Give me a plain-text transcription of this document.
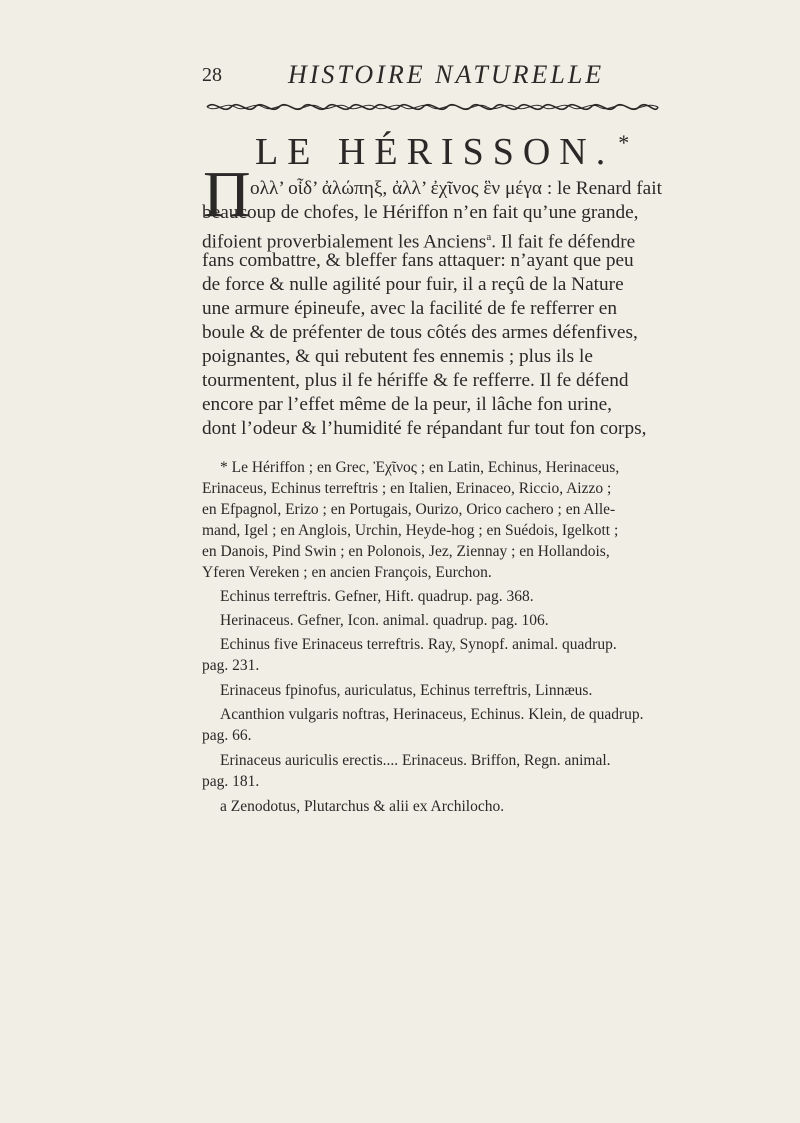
28	HISTOIRE NATURELLE
LE HÉRISSON. *
Π ολλ’ οἶδ’ ἀλώπηξ, ἀλλ’ ἐχῖνος ἓν μέγα : le Renard fait
beaucoup de chofes, le Hériffon n’en fait qu’une grande,
difoient proverbialement les Anciens$^a$. Il fait fe défendre
fans combattre, & bleffer fans attaquer: n’ayant que peu
de force & nulle agilité pour fuir, il a reçû de la Nature
une armure épineufe, avec la facilité de fe refferrer en
boule & de préfenter de tous côtés des armes défenfives,
poignantes, & qui rebutent fes ennemis ; plus ils le
tourmentent, plus il fe hériffe & fe refferre. Il fe défend
encore par l’effet même de la peur, il lâche fon urine,
dont l’odeur & l’humidité fe répandant fur tout fon corps,
* Le Hériffon ; en Grec, Ἐχῖνος ; en Latin, Echinus, Herinaceus,
Erinaceus, Echinus terreftris ; en Italien, Erinaceo, Riccio, Aizzo ;
en Efpagnol, Erizo ; en Portugais, Ourizo, Orico cachero ; en Alle-
mand, Igel ; en Anglois, Urchin, Heyde-hog ; en Suédois, Igelkott ;
en Danois, Pind Swin ; en Polonois, Jez, Ziennay ; en Hollandois,
Yferen Vereken ; en ancien François, Eurchon.
Echinus terreftris. Gefner, Hift. quadrup. pag. 368.
Herinaceus. Gefner, Icon. animal. quadrup. pag. 106.
Echinus five Erinaceus terreftris. Ray, Synopf. animal. quadrup.
pag. 231.
Erinaceus fpinofus, auriculatus, Echinus terreftris, Linnæus.
Acanthion vulgaris noftras, Herinaceus, Echinus. Klein, de quadrup.
pag. 66.
Erinaceus auriculis erectis.... Erinaceus. Briffon, Regn. animal.
pag. 181.
a Zenodotus, Plutarchus & alii ex Archilocho.
